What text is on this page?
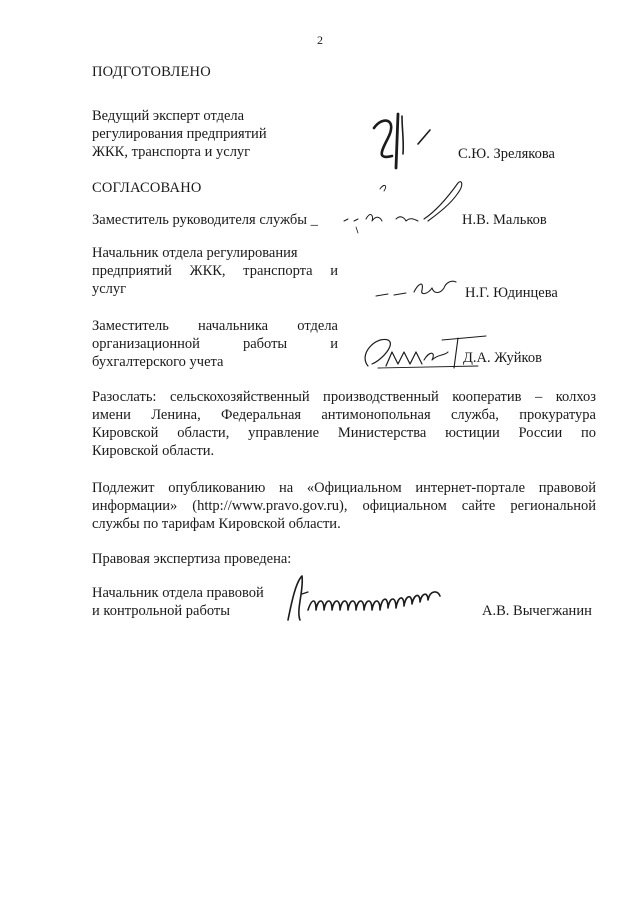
2
ПОДГОТОВЛЕНО
Ведущий эксперт отдела
регулирования предприятий
ЖКК, транспорта и услуг	С.Ю. Зрелякова
СОГЛАСОВАНО
Заместитель руководителя службы _	Н.В. Мальков
Начальник отдела регулирования
предприятий ЖКК, транспорта и
услуг	Н.Г. Юдинцева
Заместитель начальника отдела
организационной работы и
бухгалтерского учета	Д.А. Жуйков
Разослать: сельскохозяйственный производственный кооператив – колхоз
имени Ленина, Федеральная антимонопольная служба, прокуратура
Кировской области, управление Министерства юстиции России по
Кировской области.
Подлежит опубликованию на «Официальном интернет-портале правовой
информации» (http://www.pravo.gov.ru), официальном сайте региональной
службы по тарифам Кировской области.
Правовая экспертиза проведена:
Начальник отдела правовой
и контрольной работы	А.В. Вычегжанин
